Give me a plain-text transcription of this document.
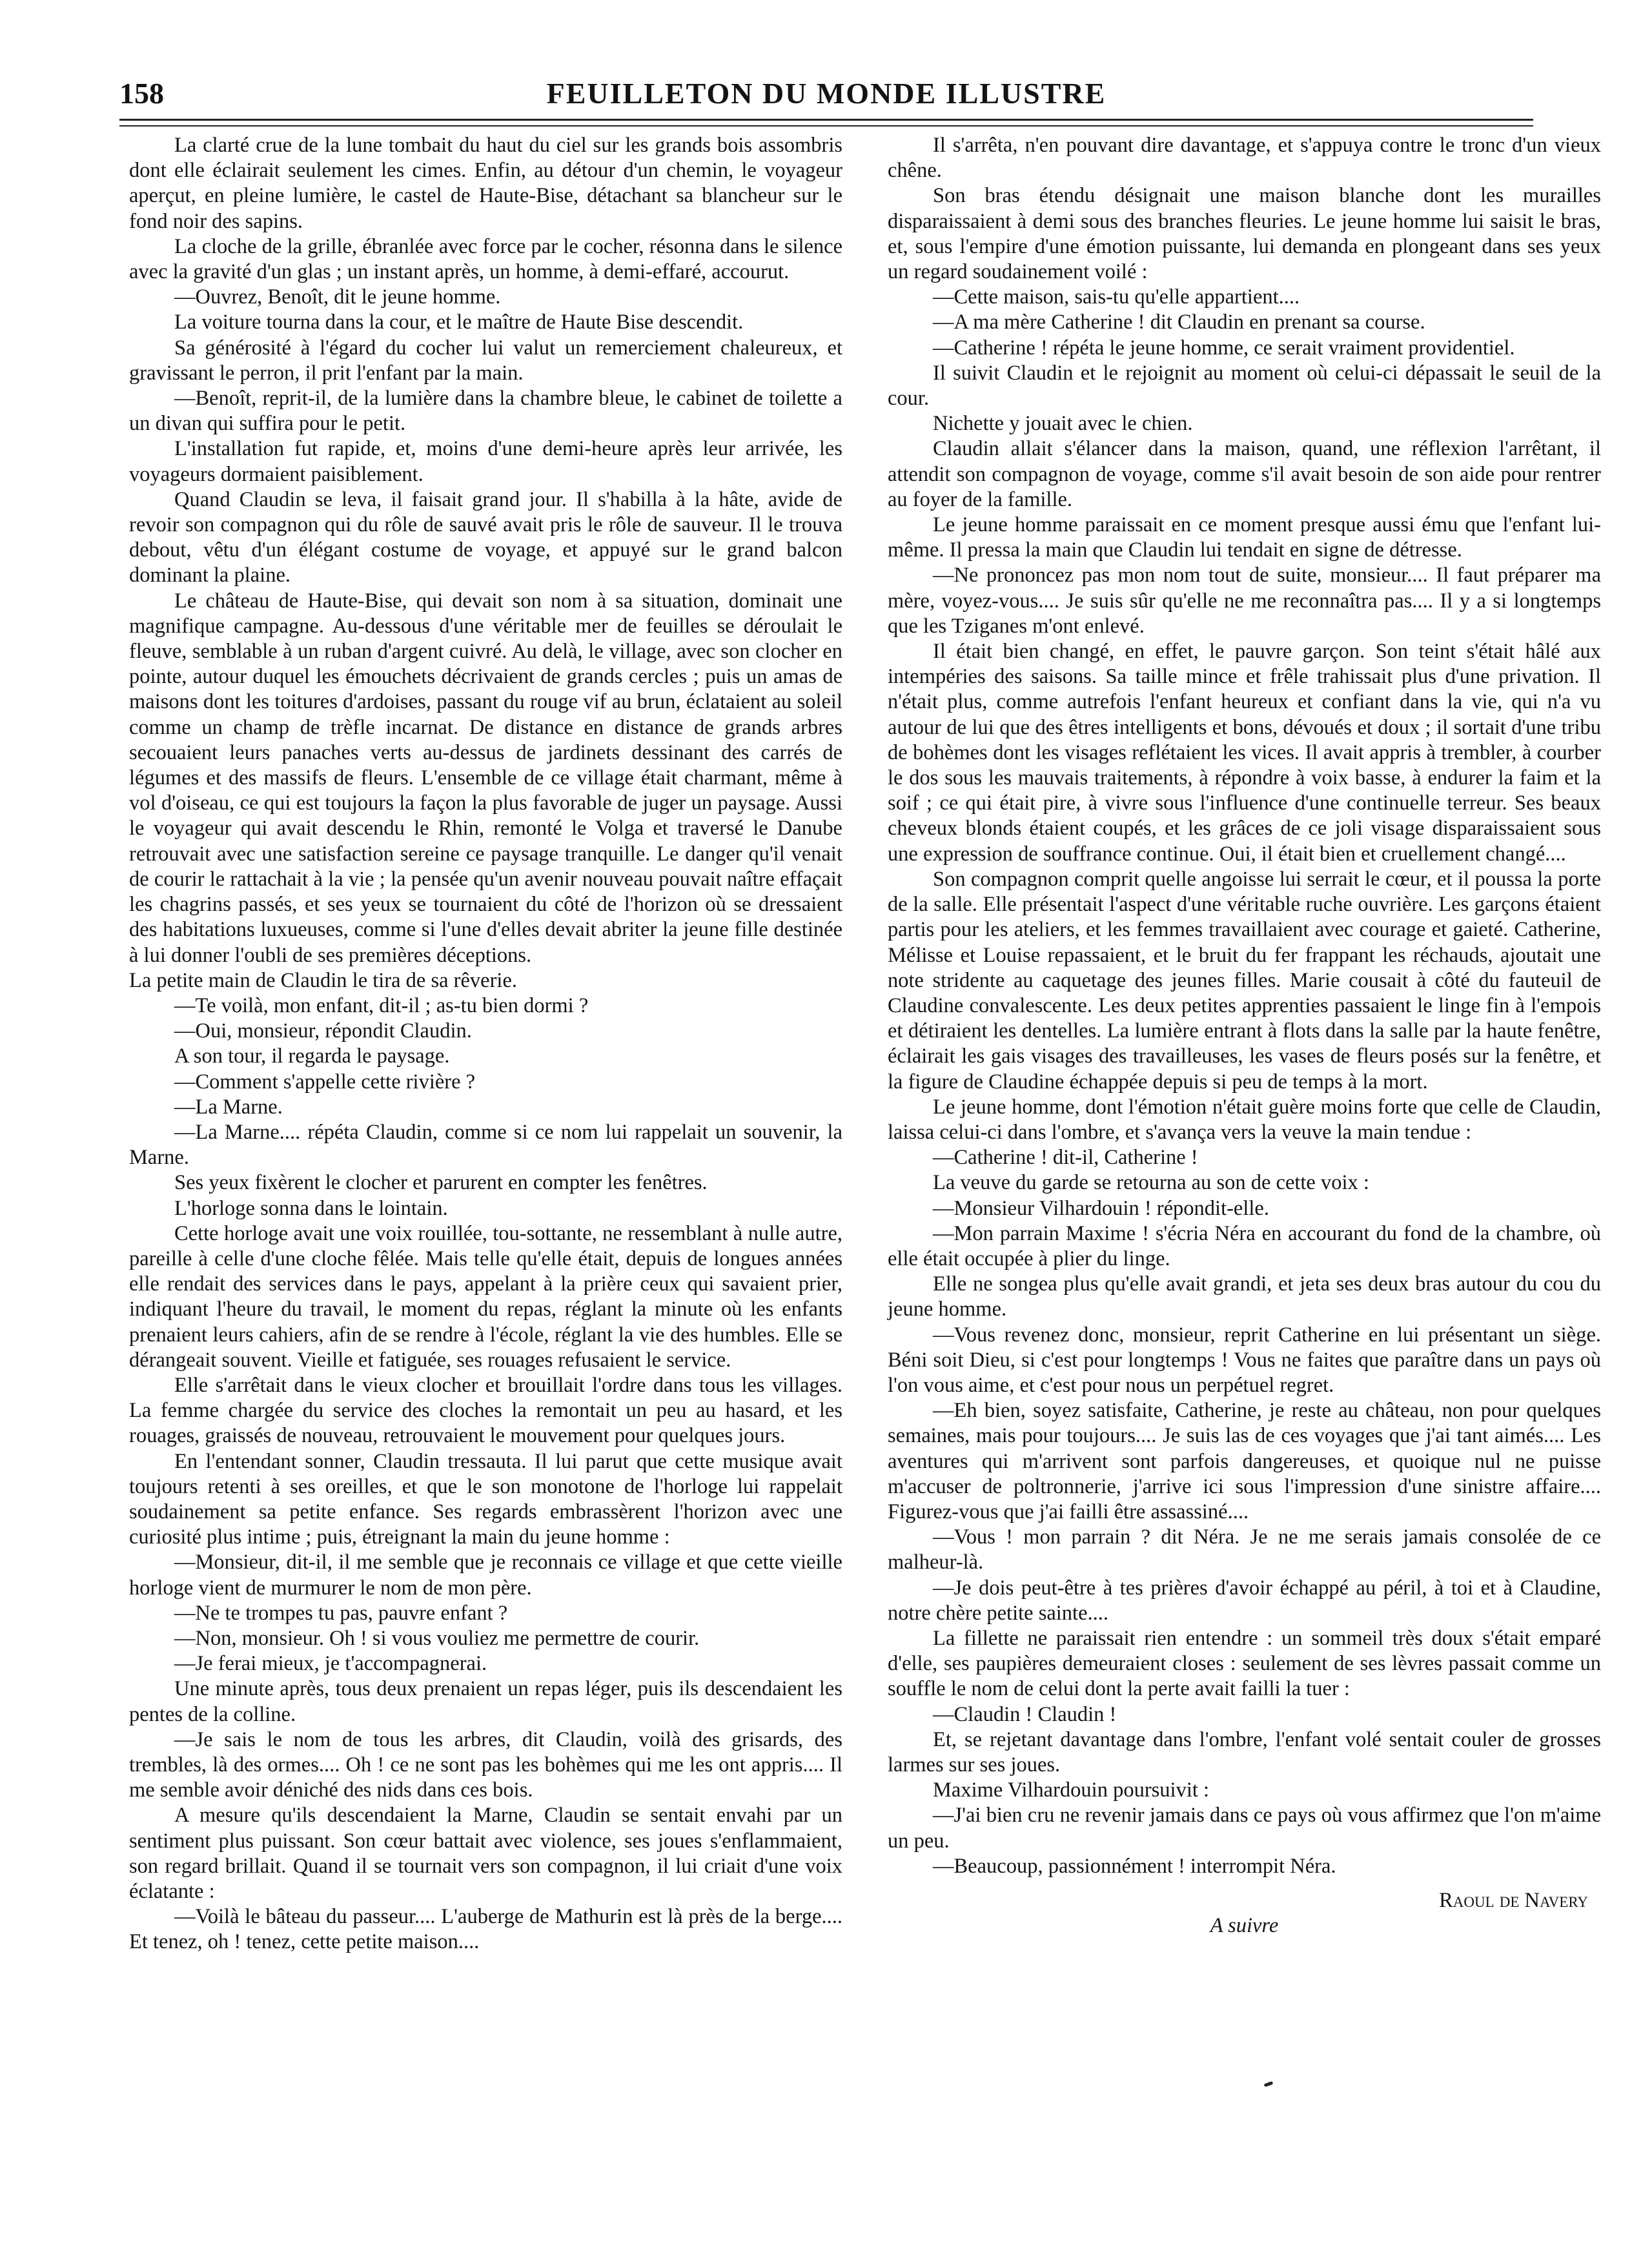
158	FEUILLETON DU MONDE ILLUSTRE

La clarté crue de la lune tombait du haut du ciel sur les grands bois assombris dont elle éclairait seulement les cimes. Enfin, au détour d'un chemin, le voyageur aperçut, en pleine lumière, le castel de Haute-Bise, détachant sa blancheur sur le fond noir des sapins.

La cloche de la grille, ébranlée avec force par le cocher, résonna dans le silence avec la gravité d'un glas ; un instant après, un homme, à demi-effaré, accourut.

—Ouvrez, Benoît, dit le jeune homme.

La voiture tourna dans la cour, et le maître de Haute Bise descendit.

Sa générosité à l'égard du cocher lui valut un remerciement chaleureux, et gravissant le perron, il prit l'enfant par la main.

—Benoît, reprit-il, de la lumière dans la chambre bleue, le cabinet de toilette a un divan qui suffira pour le petit.

L'installation fut rapide, et, moins d'une demi-heure après leur arrivée, les voyageurs dormaient paisiblement.

Quand Claudin se leva, il faisait grand jour. Il s'habilla à la hâte, avide de revoir son compagnon qui du rôle de sauvé avait pris le rôle de sauveur. Il le trouva debout, vêtu d'un élégant costume de voyage, et appuyé sur le grand balcon dominant la plaine.

Le château de Haute-Bise, qui devait son nom à sa situation, dominait une magnifique campagne. Au-dessous d'une véritable mer de feuilles se déroulait le fleuve, semblable à un ruban d'argent cuivré. Au delà, le village, avec son clocher en pointe, autour duquel les émouchets décrivaient de grands cercles ; puis un amas de maisons dont les toitures d'ardoises, passant du rouge vif au brun, éclataient au soleil comme un champ de trèfle incarnat. De distance en distance de grands arbres secouaient leurs panaches verts au-dessus de jardinets dessinant des carrés de légumes et des massifs de fleurs. L'ensemble de ce village était charmant, même à vol d'oiseau, ce qui est toujours la façon la plus favorable de juger un paysage. Aussi le voyageur qui avait descendu le Rhin, remonté le Volga et traversé le Danube retrouvait avec une satisfaction sereine ce paysage tranquille. Le danger qu'il venait de courir le rattachait à la vie ; la pensée qu'un avenir nouveau pouvait naître effaçait les chagrins passés, et ses yeux se tournaient du côté de l'horizon où se dressaient des habitations luxueuses, comme si l'une d'elles devait abriter la jeune fille destinée à lui donner l'oubli de ses premières déceptions.

La petite main de Claudin le tira de sa rêverie.

—Te voilà, mon enfant, dit-il ; as-tu bien dormi ?

—Oui, monsieur, répondit Claudin.

A son tour, il regarda le paysage.

—Comment s'appelle cette rivière ?

—La Marne.

—La Marne.... répéta Claudin, comme si ce nom lui rappelait un souvenir, la Marne.

Ses yeux fixèrent le clocher et parurent en compter les fenêtres.

L'horloge sonna dans le lointain.

Cette horloge avait une voix rouillée, tou-sottante, ne ressemblant à nulle autre, pareille à celle d'une cloche fêlée. Mais telle qu'elle était, depuis de longues années elle rendait des services dans le pays, appelant à la prière ceux qui savaient prier, indiquant l'heure du travail, le moment du repas, réglant la minute où les enfants prenaient leurs cahiers, afin de se rendre à l'école, réglant la vie des humbles. Elle se dérangeait souvent. Vieille et fatiguée, ses rouages refusaient le service.

Elle s'arrêtait dans le vieux clocher et brouillait l'ordre dans tous les villages. La femme chargée du service des cloches la remontait un peu au hasard, et les rouages, graissés de nouveau, retrouvaient le mouvement pour quelques jours.

En l'entendant sonner, Claudin tressauta. Il lui parut que cette musique avait toujours retenti à ses oreilles, et que le son monotone de l'horloge lui rappelait soudainement sa petite enfance. Ses regards embrassèrent l'horizon avec une curiosité plus intime ; puis, étreignant la main du jeune homme :

—Monsieur, dit-il, il me semble que je reconnais ce village et que cette vieille horloge vient de murmurer le nom de mon père.

—Ne te trompes tu pas, pauvre enfant ?

—Non, monsieur. Oh ! si vous vouliez me permettre de courir.

—Je ferai mieux, je t'accompagnerai.

Une minute après, tous deux prenaient un repas léger, puis ils descendaient les pentes de la colline.

—Je sais le nom de tous les arbres, dit Claudin, voilà des grisards, des trembles, là des ormes.... Oh ! ce ne sont pas les bohèmes qui me les ont appris.... Il me semble avoir déniché des nids dans ces bois.

A mesure qu'ils descendaient la Marne, Claudin se sentait envahi par un sentiment plus puissant. Son cœur battait avec violence, ses joues s'enflammaient, son regard brillait. Quand il se tournait vers son compagnon, il lui criait d'une voix éclatante :

—Voilà le bâteau du passeur.... L'auberge de Mathurin est là près de la berge.... Et tenez, oh ! tenez, cette petite maison....

Il s'arrêta, n'en pouvant dire davantage, et s'appuya contre le tronc d'un vieux chêne.

Son bras étendu désignait une maison blanche dont les murailles disparaissaient à demi sous des branches fleuries. Le jeune homme lui saisit le bras, et, sous l'empire d'une émotion puissante, lui demanda en plongeant dans ses yeux un regard soudainement voilé :

—Cette maison, sais-tu qu'elle appartient....

—A ma mère Catherine ! dit Claudin en prenant sa course.

—Catherine ! répéta le jeune homme, ce serait vraiment providentiel.

Il suivit Claudin et le rejoignit au moment où celui-ci dépassait le seuil de la cour.

Nichette y jouait avec le chien.

Claudin allait s'élancer dans la maison, quand, une réflexion l'arrêtant, il attendit son compagnon de voyage, comme s'il avait besoin de son aide pour rentrer au foyer de la famille.

Le jeune homme paraissait en ce moment presque aussi ému que l'enfant lui-même. Il pressa la main que Claudin lui tendait en signe de détresse.

—Ne prononcez pas mon nom tout de suite, monsieur.... Il faut préparer ma mère, voyez-vous.... Je suis sûr qu'elle ne me reconnaîtra pas.... Il y a si longtemps que les Tziganes m'ont enlevé.

Il était bien changé, en effet, le pauvre garçon. Son teint s'était hâlé aux intempéries des saisons. Sa taille mince et frêle trahissait plus d'une privation. Il n'était plus, comme autrefois l'enfant heureux et confiant dans la vie, qui n'a vu autour de lui que des êtres intelligents et bons, dévoués et doux ; il sortait d'une tribu de bohèmes dont les visages reflétaient les vices. Il avait appris à trembler, à courber le dos sous les mauvais traitements, à répondre à voix basse, à endurer la faim et la soif ; ce qui était pire, à vivre sous l'influence d'une continuelle terreur. Ses beaux cheveux blonds étaient coupés, et les grâces de ce joli visage disparaissaient sous une expression de souffrance continue. Oui, il était bien et cruellement changé....

Son compagnon comprit quelle angoisse lui serrait le cœur, et il poussa la porte de la salle. Elle présentait l'aspect d'une véritable ruche ouvrière. Les garçons étaient partis pour les ateliers, et les femmes travaillaient avec courage et gaieté. Catherine, Mélisse et Louise repassaient, et le bruit du fer frappant les réchauds, ajoutait une note stridente au caquetage des jeunes filles. Marie cousait à côté du fauteuil de Claudine convalescente. Les deux petites apprenties passaient le linge fin à l'empois et détiraient les dentelles. La lumière entrant à flots dans la salle par la haute fenêtre, éclairait les gais visages des travailleuses, les vases de fleurs posés sur la fenêtre, et la figure de Claudine échappée depuis si peu de temps à la mort.

Le jeune homme, dont l'émotion n'était guère moins forte que celle de Claudin, laissa celui-ci dans l'ombre, et s'avança vers la veuve la main tendue :

—Catherine ! dit-il, Catherine !

La veuve du garde se retourna au son de cette voix :

—Monsieur Vilhardouin ! répondit-elle.

—Mon parrain Maxime ! s'écria Néra en accourant du fond de la chambre, où elle était occupée à plier du linge.

Elle ne songea plus qu'elle avait grandi, et jeta ses deux bras autour du cou du jeune homme.

—Vous revenez donc, monsieur, reprit Catherine en lui présentant un siège. Béni soit Dieu, si c'est pour longtemps ! Vous ne faites que paraître dans un pays où l'on vous aime, et c'est pour nous un perpétuel regret.

—Eh bien, soyez satisfaite, Catherine, je reste au château, non pour quelques semaines, mais pour toujours.... Je suis las de ces voyages que j'ai tant aimés.... Les aventures qui m'arrivent sont parfois dangereuses, et quoique nul ne puisse m'accuser de poltronnerie, j'arrive ici sous l'impression d'une sinistre affaire.... Figurez-vous que j'ai failli être assassiné....

—Vous ! mon parrain ? dit Néra. Je ne me serais jamais consolée de ce malheur-là.

—Je dois peut-être à tes prières d'avoir échappé au péril, à toi et à Claudine, notre chère petite sainte....

La fillette ne paraissait rien entendre : un sommeil très doux s'était emparé d'elle, ses paupières demeuraient closes : seulement de ses lèvres passait comme un souffle le nom de celui dont la perte avait failli la tuer :

—Claudin ! Claudin !

Et, se rejetant davantage dans l'ombre, l'enfant volé sentait couler de grosses larmes sur ses joues.

Maxime Vilhardouin poursuivit :

—J'ai bien cru ne revenir jamais dans ce pays où vous affirmez que l'on m'aime un peu.

—Beaucoup, passionnément ! interrompit Néra.

Raoul de Navery

A suivre
